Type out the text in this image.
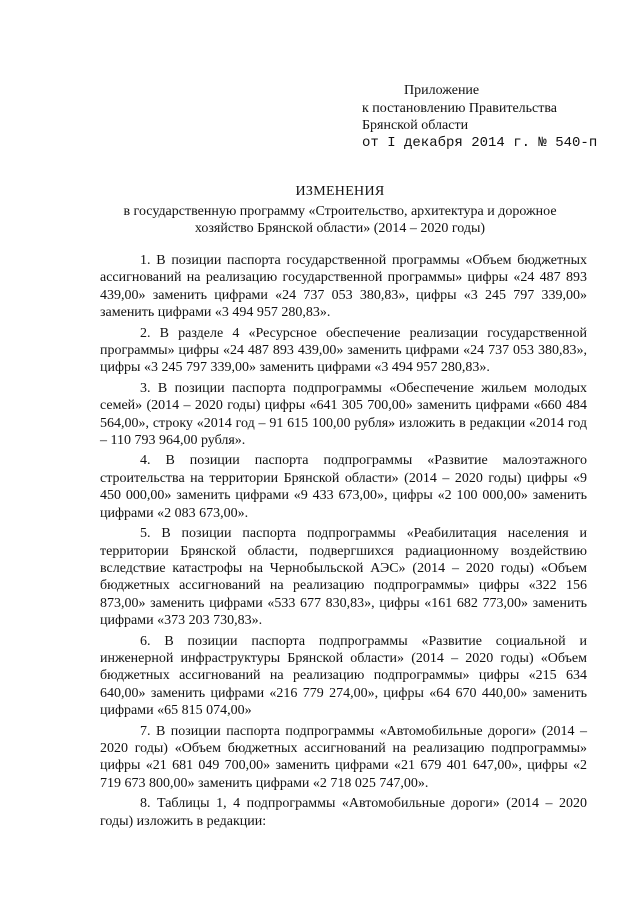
Приложение
к постановлению Правительства
Брянской области
от I декабря 2014 г. № 540-п
ИЗМЕНЕНИЯ
в государственную программу «Строительство, архитектура и дорожное
хозяйство Брянской области» (2014 – 2020 годы)

1. В позиции паспорта государственной программы «Объем бюджетных ассигнований на реализацию государственной программы» цифры «24 487 893 439,00» заменить цифрами «24 737 053 380,83», цифры «3 245 797 339,00» заменить цифрами «3 494 957 280,83».

2. В разделе 4 «Ресурсное обеспечение реализации государственной программы» цифры «24 487 893 439,00» заменить цифрами «24 737 053 380,83», цифры «3 245 797 339,00» заменить цифрами «3 494 957 280,83».

3. В позиции паспорта подпрограммы «Обеспечение жильем молодых семей» (2014 – 2020 годы) цифры «641 305 700,00» заменить цифрами «660 484 564,00», строку «2014 год – 91 615 100,00 рубля» изложить в редакции «2014 год – 110 793 964,00 рубля».

4. В позиции паспорта подпрограммы «Развитие малоэтажного строительства на территории Брянской области» (2014 – 2020 годы) цифры «9 450 000,00» заменить цифрами «9 433 673,00», цифры «2 100 000,00» заменить цифрами «2 083 673,00».

5. В позиции паспорта подпрограммы «Реабилитация населения и территории Брянской области, подвергшихся радиационному воздействию вследствие катастрофы на Чернобыльской АЭС» (2014 – 2020 годы) «Объем бюджетных ассигнований на реализацию подпрограммы» цифры «322 156 873,00» заменить цифрами «533 677 830,83», цифры «161 682 773,00» заменить цифрами «373 203 730,83».

6. В позиции паспорта подпрограммы «Развитие социальной и инженерной инфраструктуры Брянской области» (2014 – 2020 годы) «Объем бюджетных ассигнований на реализацию подпрограммы» цифры «215 634 640,00» заменить цифрами «216 779 274,00», цифры «64 670 440,00» заменить цифрами «65 815 074,00»

7. В позиции паспорта подпрограммы «Автомобильные дороги» (2014 – 2020 годы) «Объем бюджетных ассигнований на реализацию подпрограммы» цифры «21 681 049 700,00» заменить цифрами «21 679 401 647,00», цифры «2 719 673 800,00» заменить цифрами «2 718 025 747,00».

8. Таблицы 1, 4 подпрограммы «Автомобильные дороги» (2014 – 2020 годы) изложить в редакции:
